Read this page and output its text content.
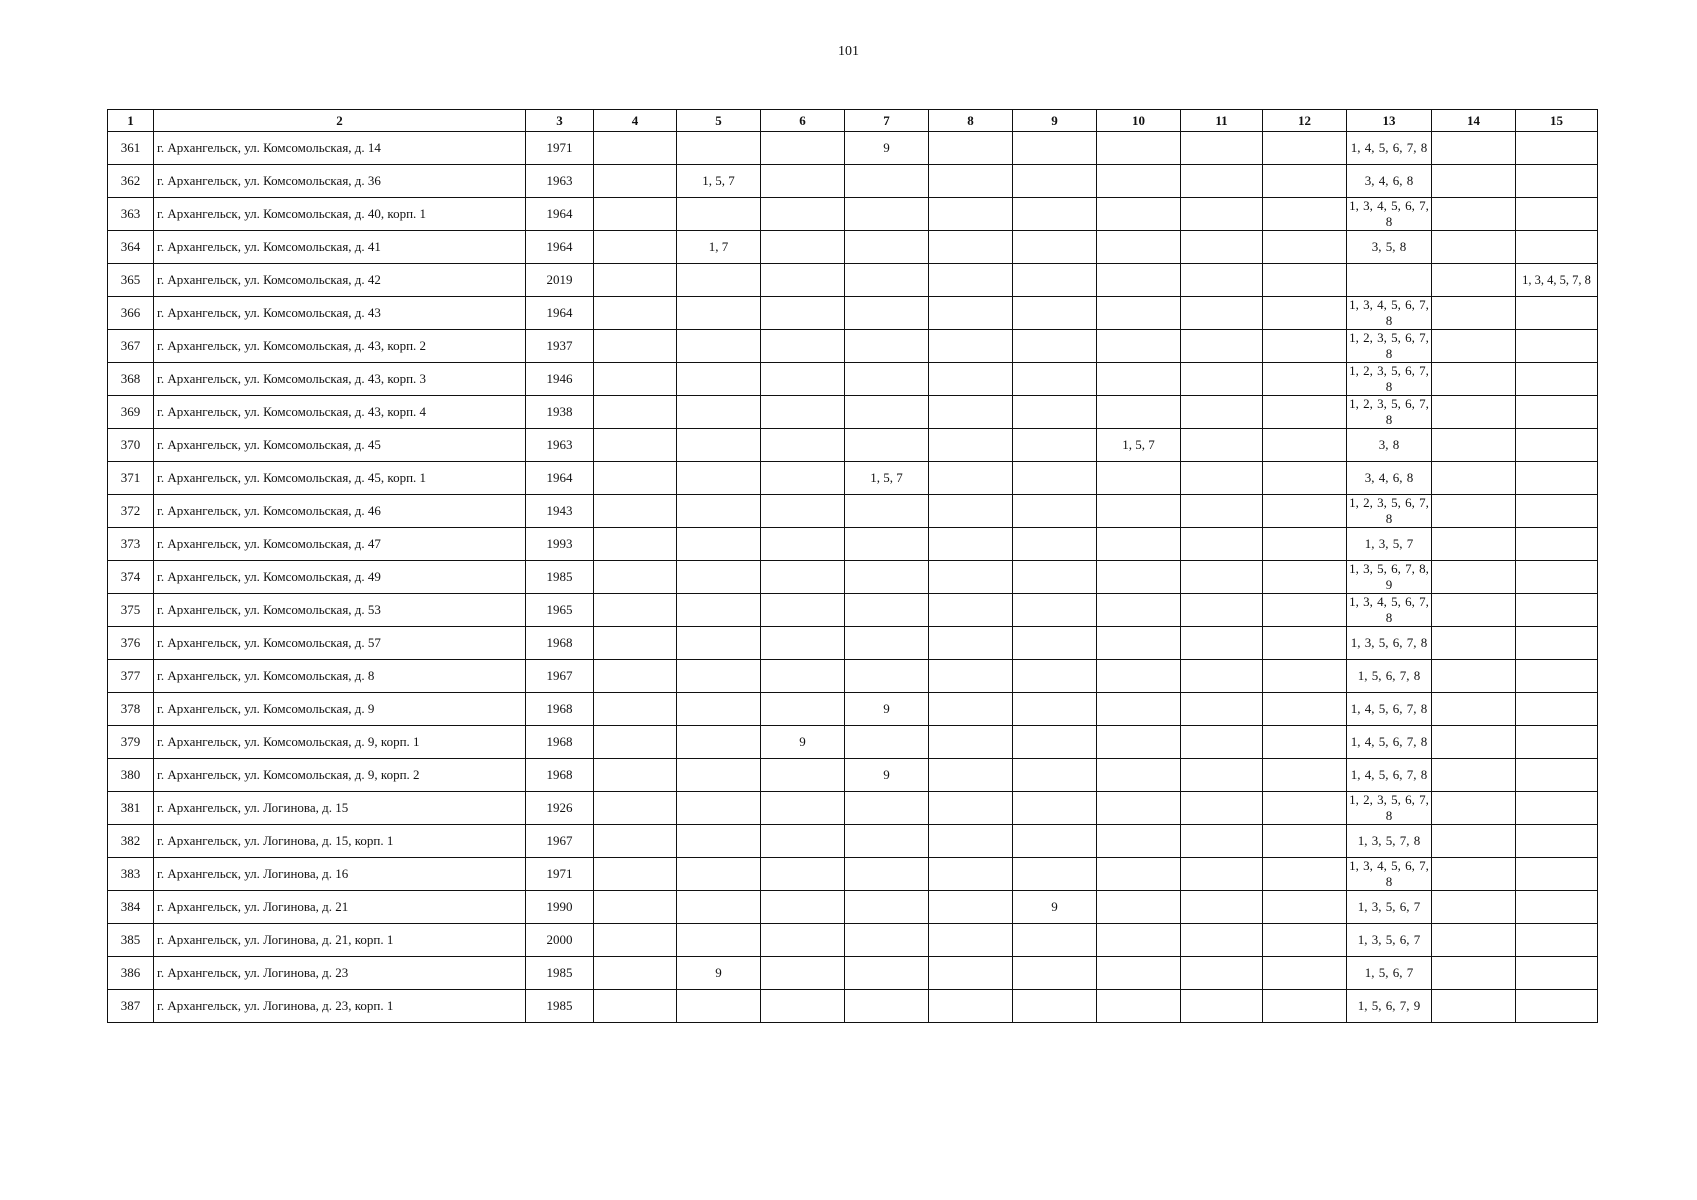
101
1	2	3	4	5	6	7	8	9	10	11	12	13	14	15
361	г. Архангельск, ул. Комсомольская, д. 14	1971				9						1, 4, 5, 6, 7, 8		
362	г. Архангельск, ул. Комсомольская, д. 36	1963		1, 5, 7								3, 4, 6, 8		
363	г. Архангельск, ул. Комсомольская, д. 40, корп. 1	1964										1, 3, 4, 5, 6, 7, 8		
364	г. Архангельск, ул. Комсомольская, д. 41	1964		1, 7								3, 5, 8		
365	г. Архангельск, ул. Комсомольская, д. 42	2019												1, 3, 4, 5, 7, 8
366	г. Архангельск, ул. Комсомольская, д. 43	1964										1, 3, 4, 5, 6, 7, 8		
367	г. Архангельск, ул. Комсомольская, д. 43, корп. 2	1937										1, 2, 3, 5, 6, 7, 8		
368	г. Архангельск, ул. Комсомольская, д. 43, корп. 3	1946										1, 2, 3, 5, 6, 7, 8		
369	г. Архангельск, ул. Комсомольская, д. 43, корп. 4	1938										1, 2, 3, 5, 6, 7, 8		
370	г. Архангельск, ул. Комсомольская, д. 45	1963							1, 5, 7			3, 8		
371	г. Архангельск, ул. Комсомольская, д. 45, корп. 1	1964				1, 5, 7						3, 4, 6, 8		
372	г. Архангельск, ул. Комсомольская, д. 46	1943										1, 2, 3, 5, 6, 7, 8		
373	г. Архангельск, ул. Комсомольская, д. 47	1993										1, 3, 5, 7		
374	г. Архангельск, ул. Комсомольская, д. 49	1985										1, 3, 5, 6, 7, 8, 9		
375	г. Архангельск, ул. Комсомольская, д. 53	1965										1, 3, 4, 5, 6, 7, 8		
376	г. Архангельск, ул. Комсомольская, д. 57	1968										1, 3, 5, 6, 7, 8		
377	г. Архангельск, ул. Комсомольская, д. 8	1967										1, 5, 6, 7, 8		
378	г. Архангельск, ул. Комсомольская, д. 9	1968				9						1, 4, 5, 6, 7, 8		
379	г. Архангельск, ул. Комсомольская, д. 9, корп. 1	1968			9							1, 4, 5, 6, 7, 8		
380	г. Архангельск, ул. Комсомольская, д. 9, корп. 2	1968				9						1, 4, 5, 6, 7, 8		
381	г. Архангельск, ул. Логинова, д. 15	1926										1, 2, 3, 5, 6, 7, 8		
382	г. Архангельск, ул. Логинова, д. 15, корп. 1	1967										1, 3, 5, 7, 8		
383	г. Архангельск, ул. Логинова, д. 16	1971										1, 3, 4, 5, 6, 7, 8		
384	г. Архангельск, ул. Логинова, д. 21	1990						9				1, 3, 5, 6, 7		
385	г. Архангельск, ул. Логинова, д. 21, корп. 1	2000										1, 3, 5, 6, 7		
386	г. Архангельск, ул. Логинова, д. 23	1985		9								1, 5, 6, 7		
387	г. Архангельск, ул. Логинова, д. 23, корп. 1	1985										1, 5, 6, 7, 9		
